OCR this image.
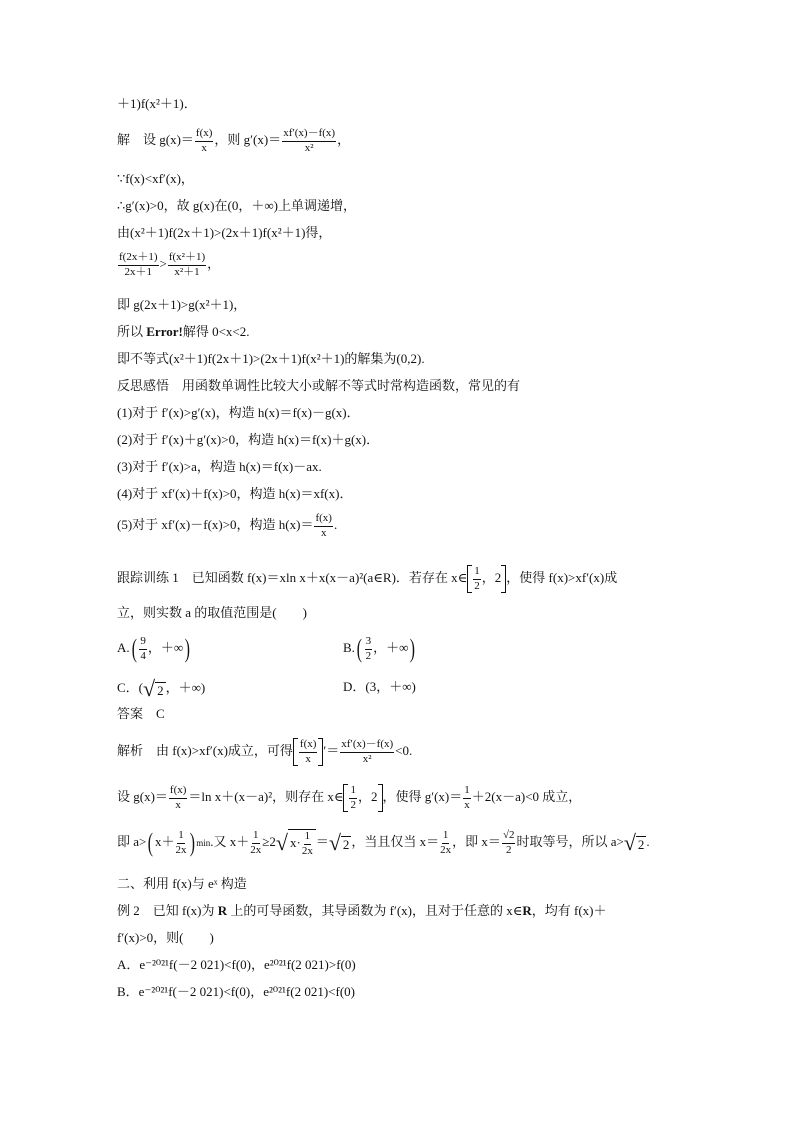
＋1)f(x²＋1)．
解　设 $g(x)= \frac{f(x)}{x}$ ，则 $g'(x)= \frac{xf'(x)-f(x)}{\text{x²}}$ ，
∵f(x)<xf′(x)，
∴g′(x)>0，故 g(x)在(0，＋∞)上单调递增，
由(x²＋1)f(2x＋1)>(2x＋1)f(x²＋1)得，
$\frac{f(2x+1)}{2x+1} > \frac{\text{f(x²＋1)}}{\text{x²＋1}}$ ，
即 g(2x＋1)>g(x²＋1)，
所以 Error!解得 0<x<2.
即不等式(x²＋1)f(2x＋1)>(2x＋1)f(x²＋1)的解集为(0,2).
反思感悟　用函数单调性比较大小或解不等式时常构造函数，常见的有
(1)对于 f′(x)>g′(x)，构造 h(x)＝f(x)－g(x)．
(2)对于 f′(x)＋g′(x)>0，构造 h(x)＝f(x)＋g(x)．
(3)对于 f′(x)>a，构造 h(x)＝f(x)－ax.
(4)对于 xf′(x)＋f(x)>0，构造 h(x)＝xf(x)．
(5)对于 xf′(x)－f(x)>0，构造 $h(x)= \frac{f(x)}{x}$ .
跟踪训练 1　已知函数 f(x)＝xln x＋x(x－a)²(a∈R)．若存在 x∈ $\frac{1}{2}$ ，2 ，使得 f(x)>xf′(x)成
立，则实数 a 的取值范围是(　　)
$A.( \frac{9}{4}$ ，＋∞)	$B.( \frac{3}{2}$ ，＋∞)
C．( √ 2 ，＋∞)	D．(3，＋∞)
答案　C
解析　由 f(x)>xf′(x)成立，可得 $\frac{f(x)}{x}$ ′＝ $\frac{xf'(x)-f(x)}{\text{x²}} <0$.
设 $g(x)= \frac{f(x)}{x} =\ln$ x＋(x－a)²，则存在 x∈ $\frac{1}{2}$ ，2 ，使得 $g'(x)= \frac{1}{x} +2(x-a)<0$ 成立，
即 a>( $x+ \frac{1}{2x}$ ) min.又 $x+ \frac{1}{2x} \ge 2$ √ $x\cdot \frac{1}{2x}$ ＝ √ 2 ，当且仅当 $x= \frac{1}{2x}$ ，即 $x= \frac{√2}{2}$ 时取等号，所以 a> √ 2 .
二、利用 f(x)与 eˣ 构造
例 2　已知 f(x)为 R 上的可导函数，其导函数为 f′(x)，且对于任意的 x∈R，均有 f(x)＋
f′(x)>0，则(　　)
A．e⁻²⁰²¹f(－2 021)<f(0)，e²⁰²¹f(2 021)>f(0)
B．e⁻²⁰²¹f(－2 021)<f(0)，e²⁰²¹f(2 021)<f(0)
